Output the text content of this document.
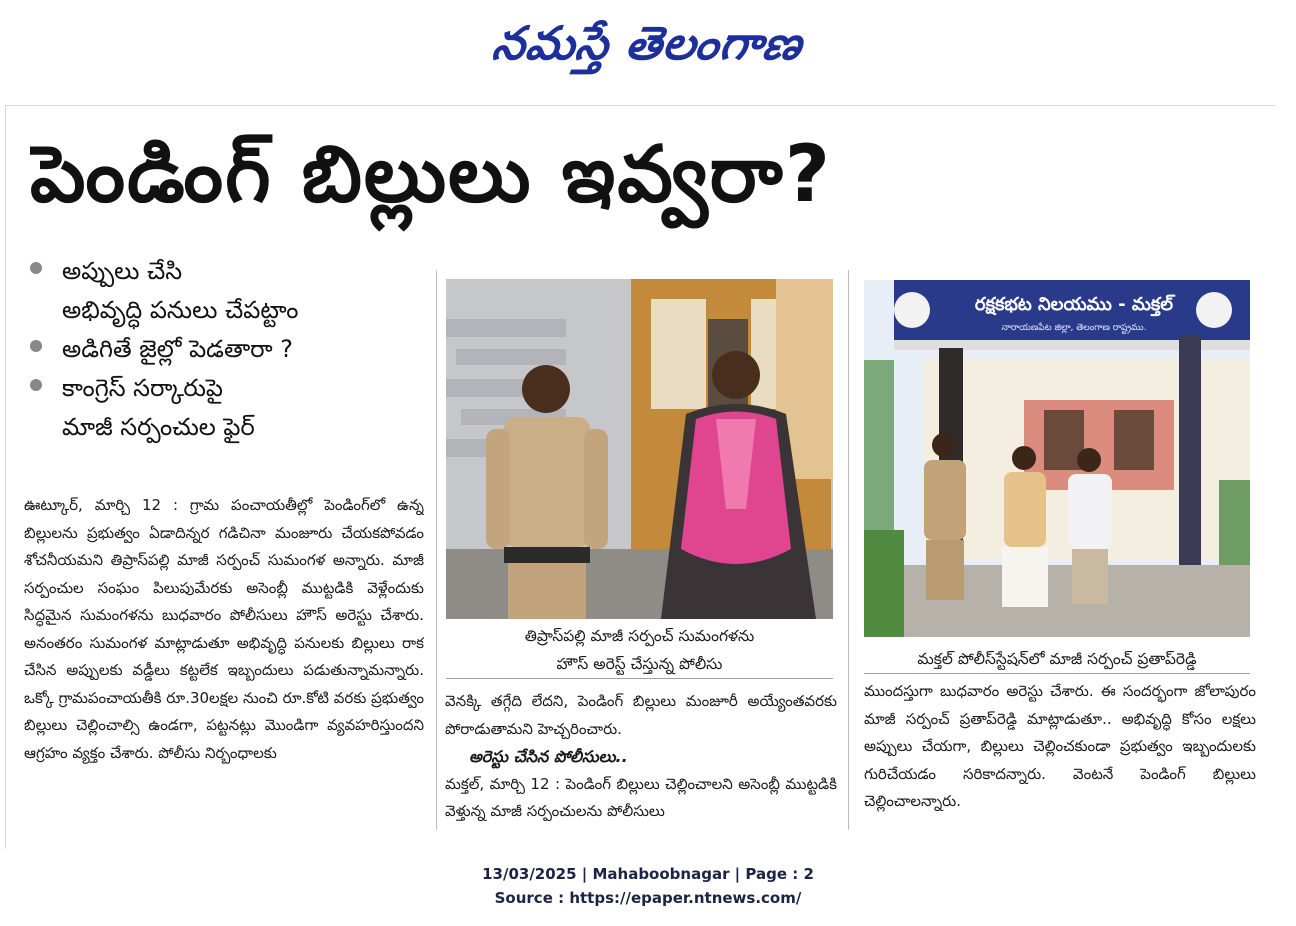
నమస్తే తెలంగాణ
పెండింగ్ బిల్లులు ఇవ్వరా?
అప్పులు చేసి
అభివృద్ధి పనులు చేపట్టాం
అడిగితే జైల్లో పెడతారా ?
కాంగ్రెస్ సర్కారుపై
మాజీ సర్పంచుల ఫైర్

ఊట్కూర్, మార్చి 12 : గ్రామ పంచాయతీల్లో పెండింగ్‌లో ఉన్న బిల్లులను ప్రభుత్వం ఏడాదిన్నర గడిచినా మంజూరు చేయకపోవడం శోచనీయమని తిప్రాస్‌పల్లి మాజీ సర్పంచ్ సుమంగళ అన్నారు. మాజీ సర్పంచుల సంఘం పిలుపుమేరకు అసెంబ్లీ ముట్టడికి వెళ్లేందుకు సిద్ధమైన సుమంగళను బుధవారం పోలీసులు హౌస్ అరెస్టు చేశారు. అనంతరం సుమంగళ మాట్లాడుతూ అభివృద్ధి పనులకు బిల్లులు రాక చేసిన అప్పులకు వడ్డీలు కట్టలేక ఇబ్బందులు పడుతున్నామన్నారు. ఒక్కో గ్రామపంచాయతీకి రూ.30లక్షల నుంచి రూ.కోటి వరకు ప్రభుత్వం బిల్లులు చెల్లించాల్సి ఉండగా, పట్టనట్లు మొండిగా వ్యవహరిస్తుందని ఆగ్రహం వ్యక్తం చేశారు. పోలీసు నిర్బంధాలకు

తిప్రాస్‌పల్లి మాజీ సర్పంచ్ సుమంగళను
హౌస్ అరెస్ట్ చేస్తున్న పోలీసు

వెనక్కి తగ్గేది లేదని, పెండింగ్ బిల్లులు మంజూరీ అయ్యేంతవరకు పోరాడుతామని హెచ్చరించారు.

అరెస్టు చేసిన పోలీసులు..

మక్తల్, మార్చి 12 : పెండింగ్ బిల్లులు చెల్లించాలని అసెంబ్లీ ముట్టడికి వెళ్తున్న మాజీ సర్పంచులను పోలీసులు

రక్షకభట నిలయము - మక్తల్
నారాయణపేట జిల్లా, తెలంగాణ రాష్ట్రము.
మక్తల్ పోలీస్‌స్టేషన్‌లో మాజీ సర్పంచ్ ప్రతాప్‌రెడ్డి

ముందస్తుగా బుధవారం అరెస్టు చేశారు. ఈ సందర్భంగా జోలాపురం మాజీ సర్పంచ్ ప్రతాప్‌రెడ్డి మాట్లాడుతూ.. అభివృద్ధి కోసం లక్షలు అప్పులు చేయగా, బిల్లులు చెల్లించకుండా ప్రభుత్వం ఇబ్బందులకు గురిచేయడం సరికాదన్నారు. వెంటనే పెండింగ్ బిల్లులు చెల్లించాలన్నారు.

13/03/2025 | Mahaboobnagar | Page : 2
Source : https://epaper.ntnews.com/
